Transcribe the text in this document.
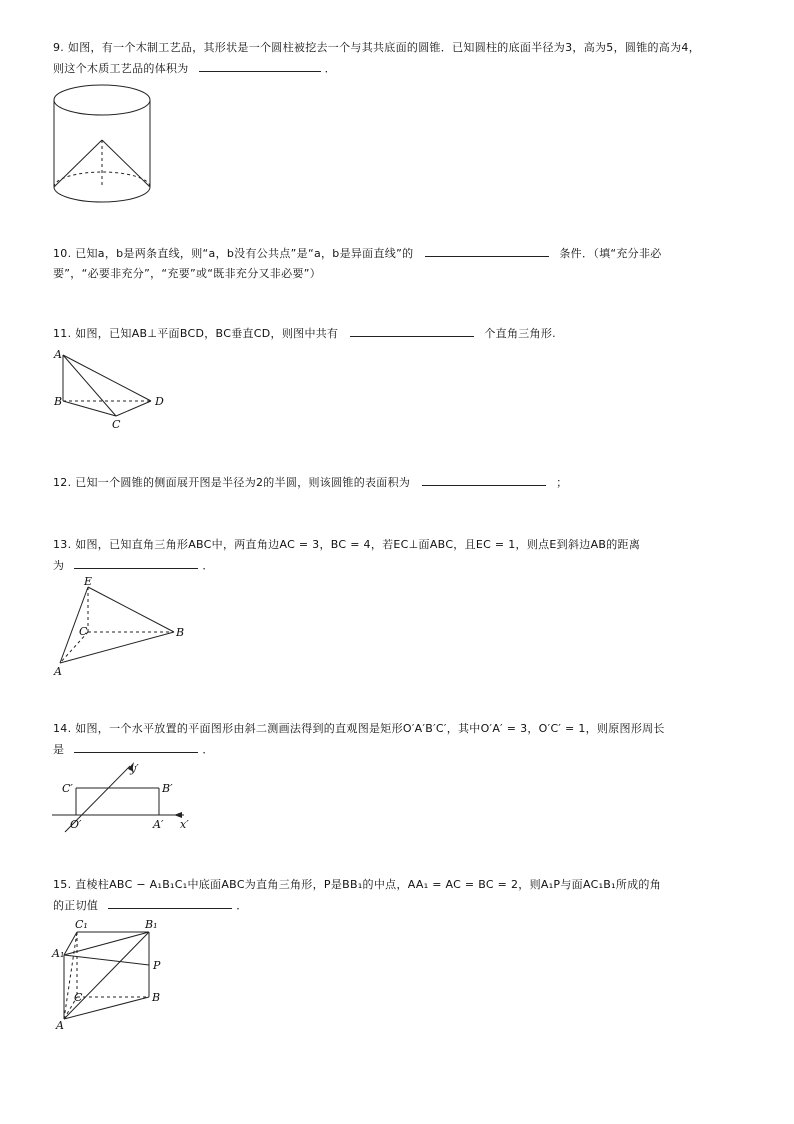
9. 如图，有一个木制工艺品，其形状是一个圆柱被挖去一个与其共底面的圆锥．已知圆柱的底面半径为3，高为5，圆锥的高为4，
则这个木质工艺品的体积为	．
10. 已知a，b是两条直线，则“a，b没有公共点”是“a，b是异面直线”的	条件．（填“充分非必
要”，“必要非充分”，“充要”或“既非充分又非必要”）
11. 如图，已知AB⊥平面BCD，BC垂直CD，则图中共有	个直角三角形.
A
B
C
D
12. 已知一个圆锥的侧面展开图是半径为2的半圆，则该圆锥的表面积为	；
13. 如图，已知直角三角形ABC中，两直角边AC = 3，BC = 4，若EC⊥面ABC，且EC = 1，则点E到斜边AB的距离
为	．
E
C	B
A
14. 如图，一个水平放置的平面图形由斜二测画法得到的直观图是矩形O′A′B′C′，其中O′A′ = 3，O′C′ = 1，则原图形周长
是	．
C′	B′
O′	A′ x′
y′
15. 直棱柱ABC − A₁B₁C₁中底面ABC为直角三角形，P是BB₁的中点，AA₁ = AC = BC = 2，则A₁P与面AC₁B₁所成的角
的正切值	．
C₁	B₁
A₁
P
C	B
A
